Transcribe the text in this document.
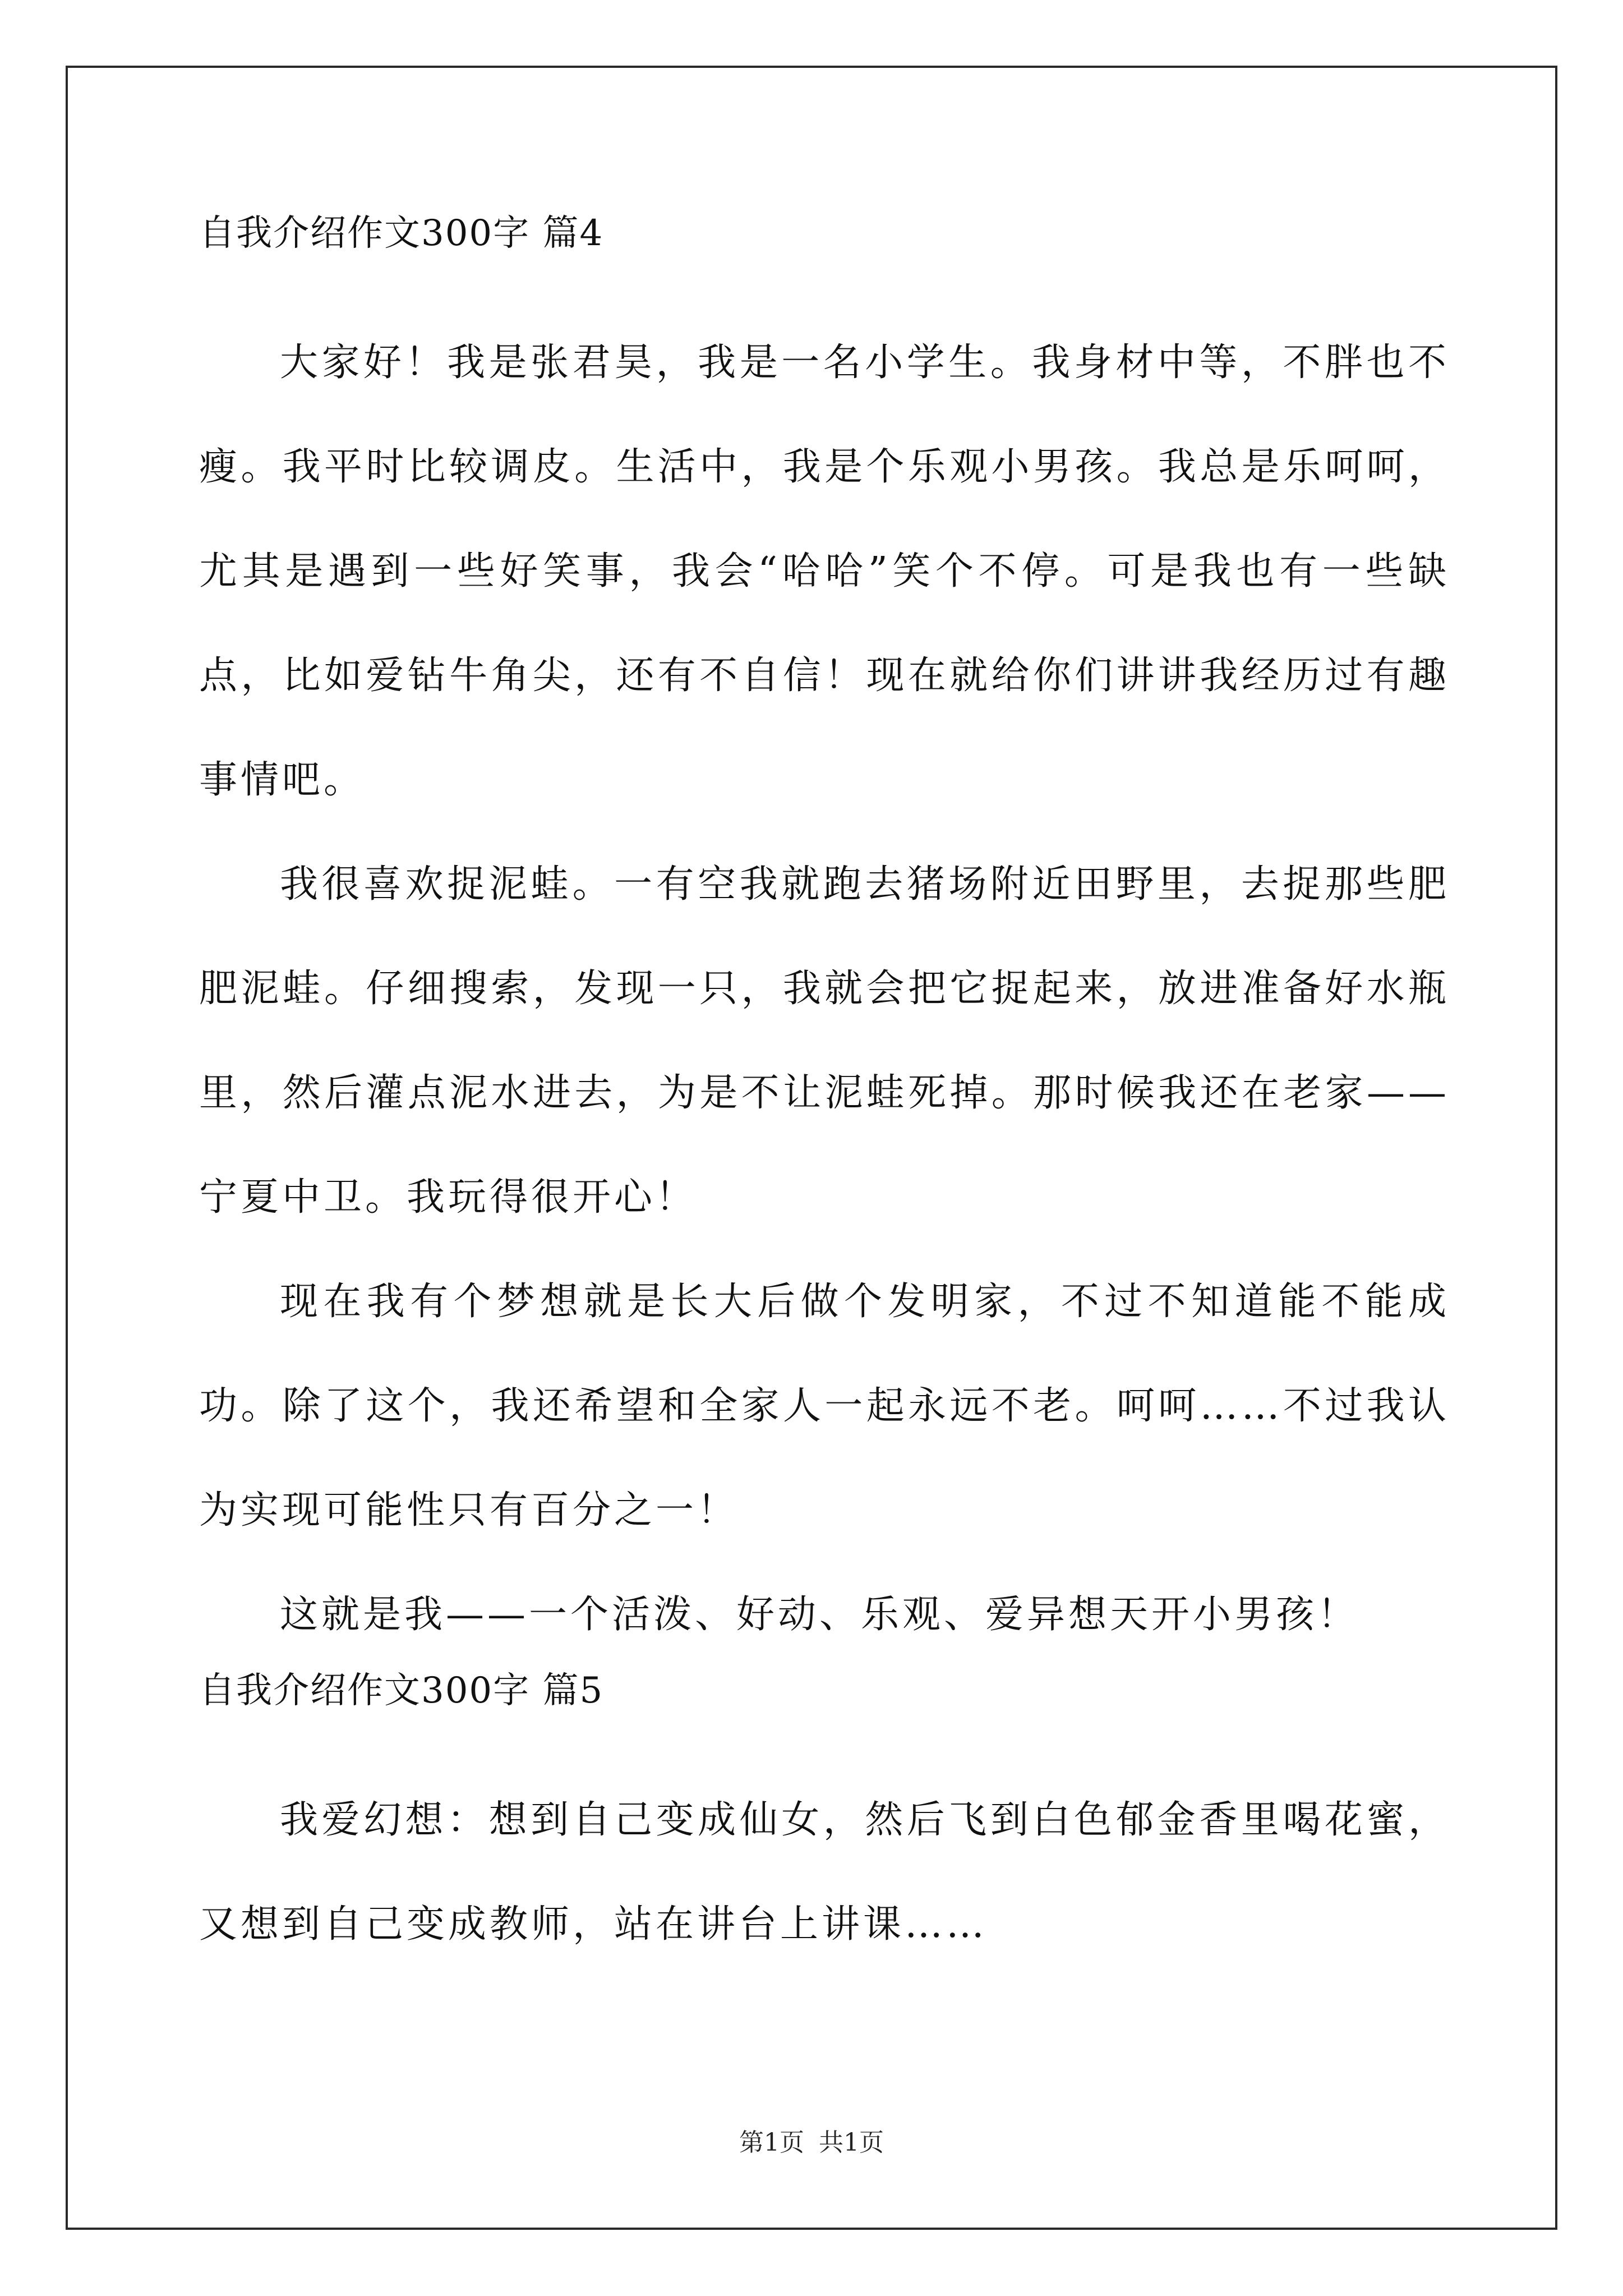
自我介绍作文300字 篇4

大家好！我是张君昊，我是一名小学生。我身材中等，不胖也不瘦。我平时比较调皮。生活中，我是个乐观小男孩。我总是乐呵呵，尤其是遇到一些好笑事，我会“哈哈”笑个不停。可是我也有一些缺点，比如爱钻牛角尖，还有不自信！现在就给你们讲讲我经历过有趣事情吧。

我很喜欢捉泥蛙。一有空我就跑去猪场附近田野里，去捉那些肥肥泥蛙。仔细搜索，发现一只，我就会把它捉起来，放进准备好水瓶里，然后灌点泥水进去，为是不让泥蛙死掉。那时候我还在老家——宁夏中卫。我玩得很开心！

现在我有个梦想就是长大后做个发明家，不过不知道能不能成功。除了这个，我还希望和全家人一起永远不老。呵呵……不过我认为实现可能性只有百分之一！

这就是我——一个活泼、好动、乐观、爱异想天开小男孩！

自我介绍作文300字 篇5

我爱幻想：想到自己变成仙女，然后飞到白色郁金香里喝花蜜，又想到自己变成教师，站在讲台上讲课……

第1页 共1页
